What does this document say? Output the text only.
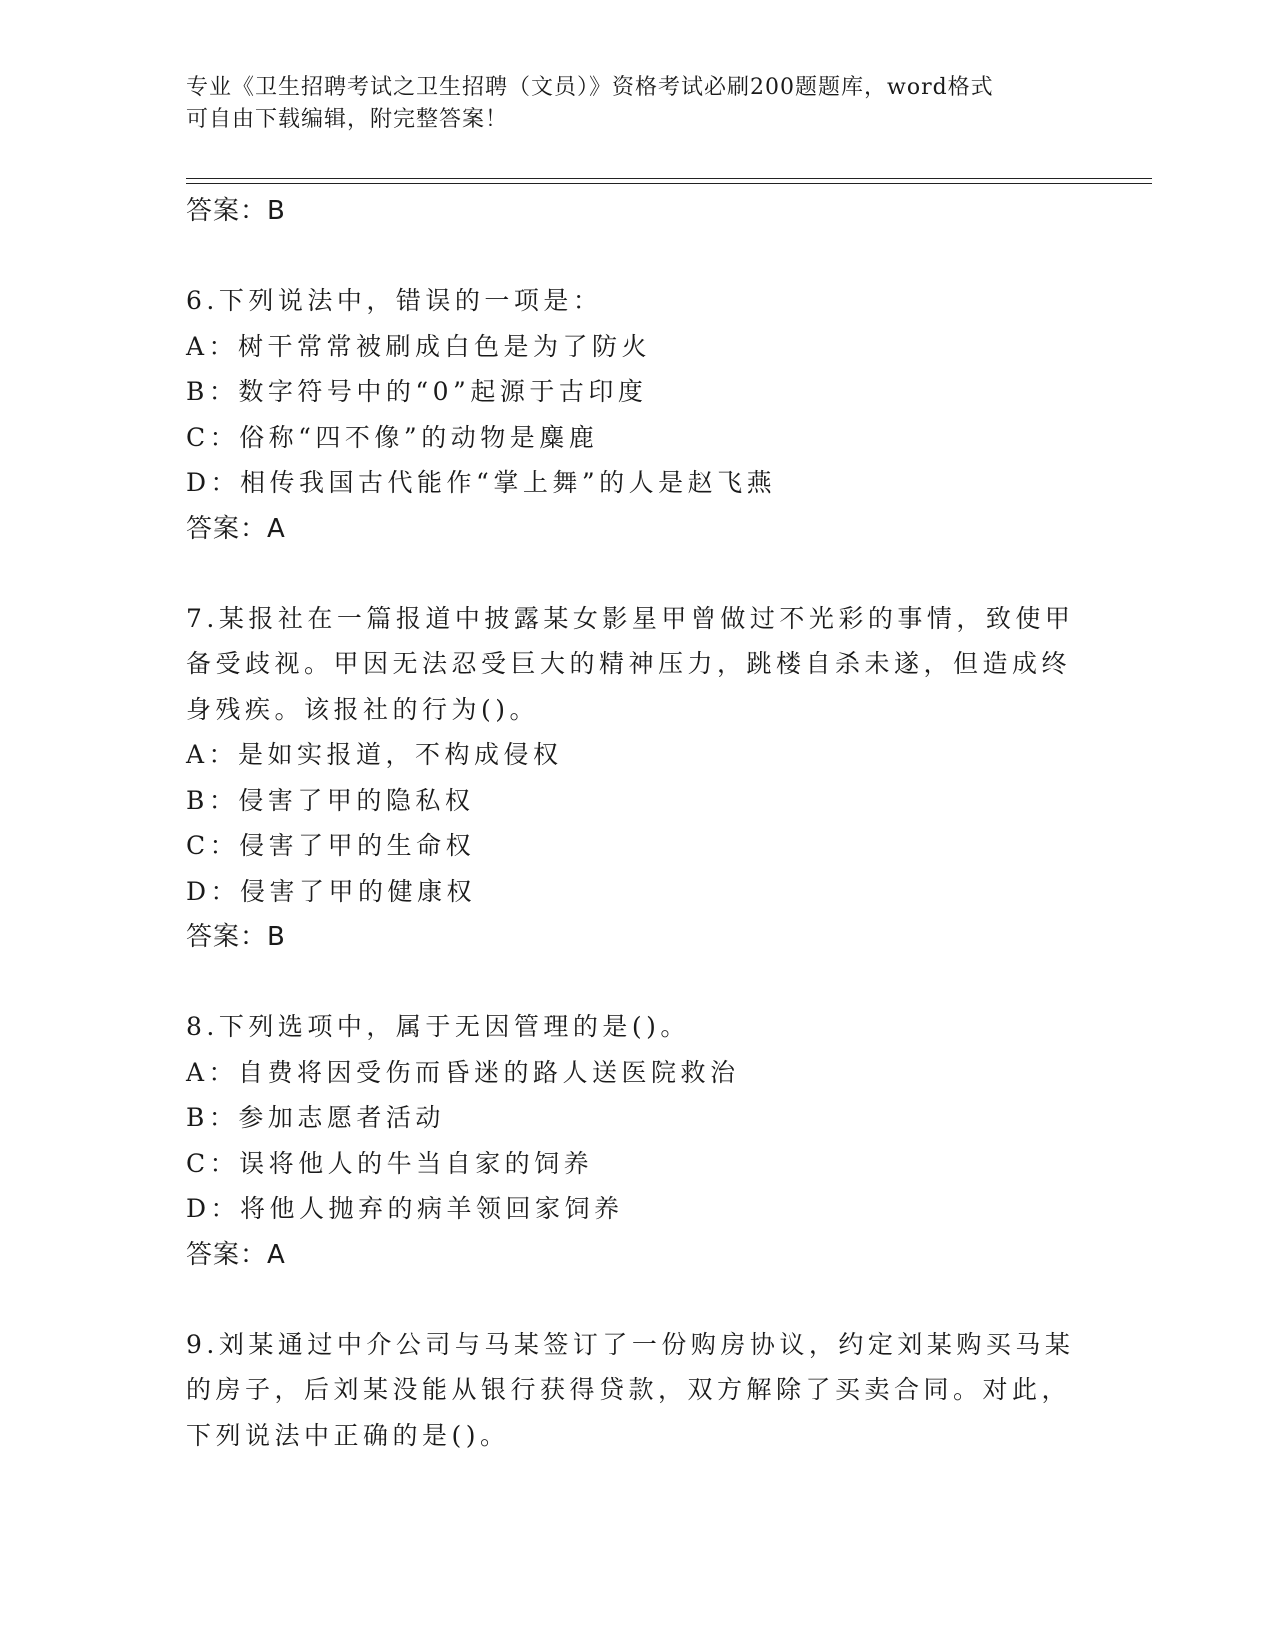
专业《卫生招聘考试之卫生招聘（文员）》资格考试必刷200题题库，word格式
可自由下载编辑，附完整答案！
答案：B
6.下列说法中，错误的一项是：
A：树干常常被刷成白色是为了防火
B：数字符号中的“0”起源于古印度
C：俗称“四不像”的动物是麋鹿
D：相传我国古代能作“掌上舞”的人是赵飞燕
答案：A
7.某报社在一篇报道中披露某女影星甲曾做过不光彩的事情，致使甲
备受歧视。甲因无法忍受巨大的精神压力，跳楼自杀未遂，但造成终
身残疾。该报社的行为()。
A：是如实报道，不构成侵权
B：侵害了甲的隐私权
C：侵害了甲的生命权
D：侵害了甲的健康权
答案：B
8.下列选项中，属于无因管理的是()。
A：自费将因受伤而昏迷的路人送医院救治
B：参加志愿者活动
C：误将他人的牛当自家的饲养
D：将他人抛弃的病羊领回家饲养
答案：A
9.刘某通过中介公司与马某签订了一份购房协议，约定刘某购买马某
的房子，后刘某没能从银行获得贷款，双方解除了买卖合同。对此，
下列说法中正确的是()。
